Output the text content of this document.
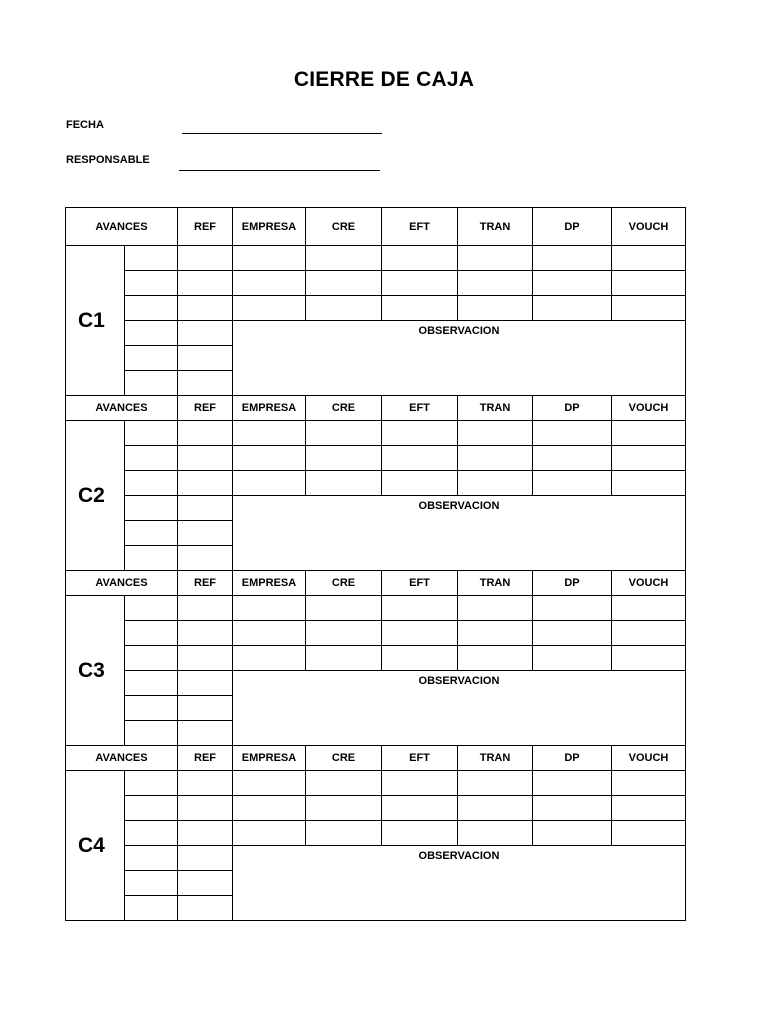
CIERRE DE CAJA
FECHA
RESPONSABLE
AVANCES		REF	EMPRESA	CRE	EFT	TRAN	DP	VOUCH
C1								

			OBSERVACION					

AVANCES		REF	EMPRESA	CRE	EFT	TRAN	DP	VOUCH
C2								

			OBSERVACION					

AVANCES		REF	EMPRESA	CRE	EFT	TRAN	DP	VOUCH
C3								

			OBSERVACION					

AVANCES		REF	EMPRESA	CRE	EFT	TRAN	DP	VOUCH
C4								

			OBSERVACION					
